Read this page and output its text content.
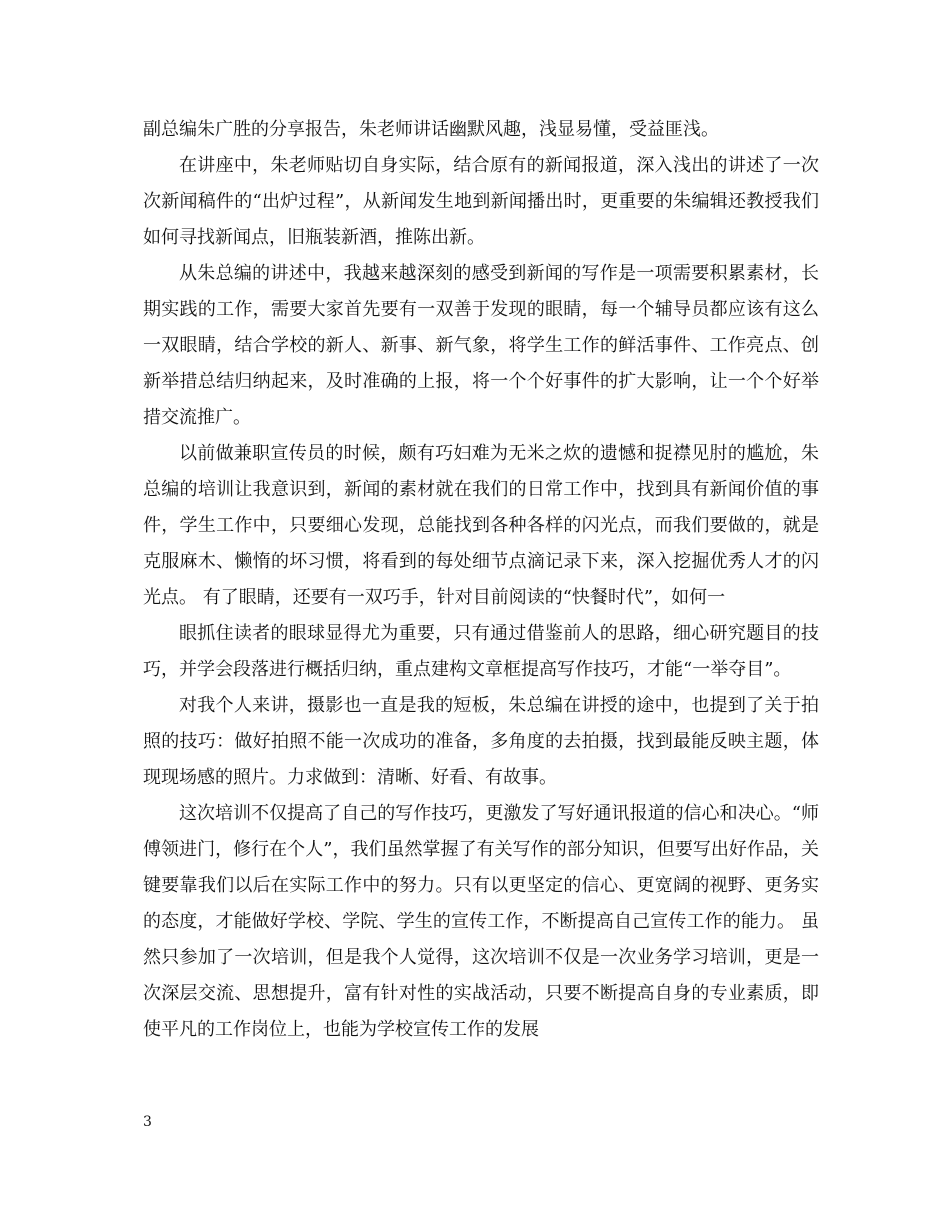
副总编朱广胜的分享报告，朱老师讲话幽默风趣，浅显易懂，受益匪浅。

在讲座中，朱老师贴切自身实际，结合原有的新闻报道，深入浅出的讲述了一次次新闻稿件的“出炉过程”，从新闻发生地到新闻播出时，更重要的朱编辑还教授我们如何寻找新闻点，旧瓶装新酒，推陈出新。

从朱总编的讲述中，我越来越深刻的感受到新闻的写作是一项需要积累素材，长期实践的工作，需要大家首先要有一双善于发现的眼睛，每一个辅导员都应该有这么一双眼睛，结合学校的新人、新事、新气象，将学生工作的鲜活事件、工作亮点、创新举措总结归纳起来，及时准确的上报，将一个个好事件的扩大影响，让一个个好举措交流推广。

以前做兼职宣传员的时候，颇有巧妇难为无米之炊的遗憾和捉襟见肘的尴尬，朱总编的培训让我意识到，新闻的素材就在我们的日常工作中，找到具有新闻价值的事件，学生工作中，只要细心发现，总能找到各种各样的闪光点，而我们要做的，就是克服麻木、懒惰的坏习惯，将看到的每处细节点滴记录下来，深入挖掘优秀人才的闪光点。 有了眼睛，还要有一双巧手，针对目前阅读的“快餐时代”，如何一

眼抓住读者的眼球显得尤为重要，只有通过借鉴前人的思路，细心研究题目的技巧，并学会段落进行概括归纳，重点建构文章框提高写作技巧，才能“一举夺目”。

对我个人来讲，摄影也一直是我的短板，朱总编在讲授的途中，也提到了关于拍照的技巧：做好拍照不能一次成功的准备，多角度的去拍摄，找到最能反映主题，体现现场感的照片。力求做到：清晰、好看、有故事。

这次培训不仅提高了自己的写作技巧，更激发了写好通讯报道的信心和决心。“师傅领进门，修行在个人”，我们虽然掌握了有关写作的部分知识，但要写出好作品，关键要靠我们以后在实际工作中的努力。只有以更坚定的信心、更宽阔的视野、更务实的态度，才能做好学校、学院、学生的宣传工作，不断提高自己宣传工作的能力。 虽然只参加了一次培训，但是我个人觉得，这次培训不仅是一次业务学习培训，更是一次深层交流、思想提升，富有针对性的实战活动，只要不断提高自身的专业素质，即使平凡的工作岗位上，也能为学校宣传工作的发展

3
